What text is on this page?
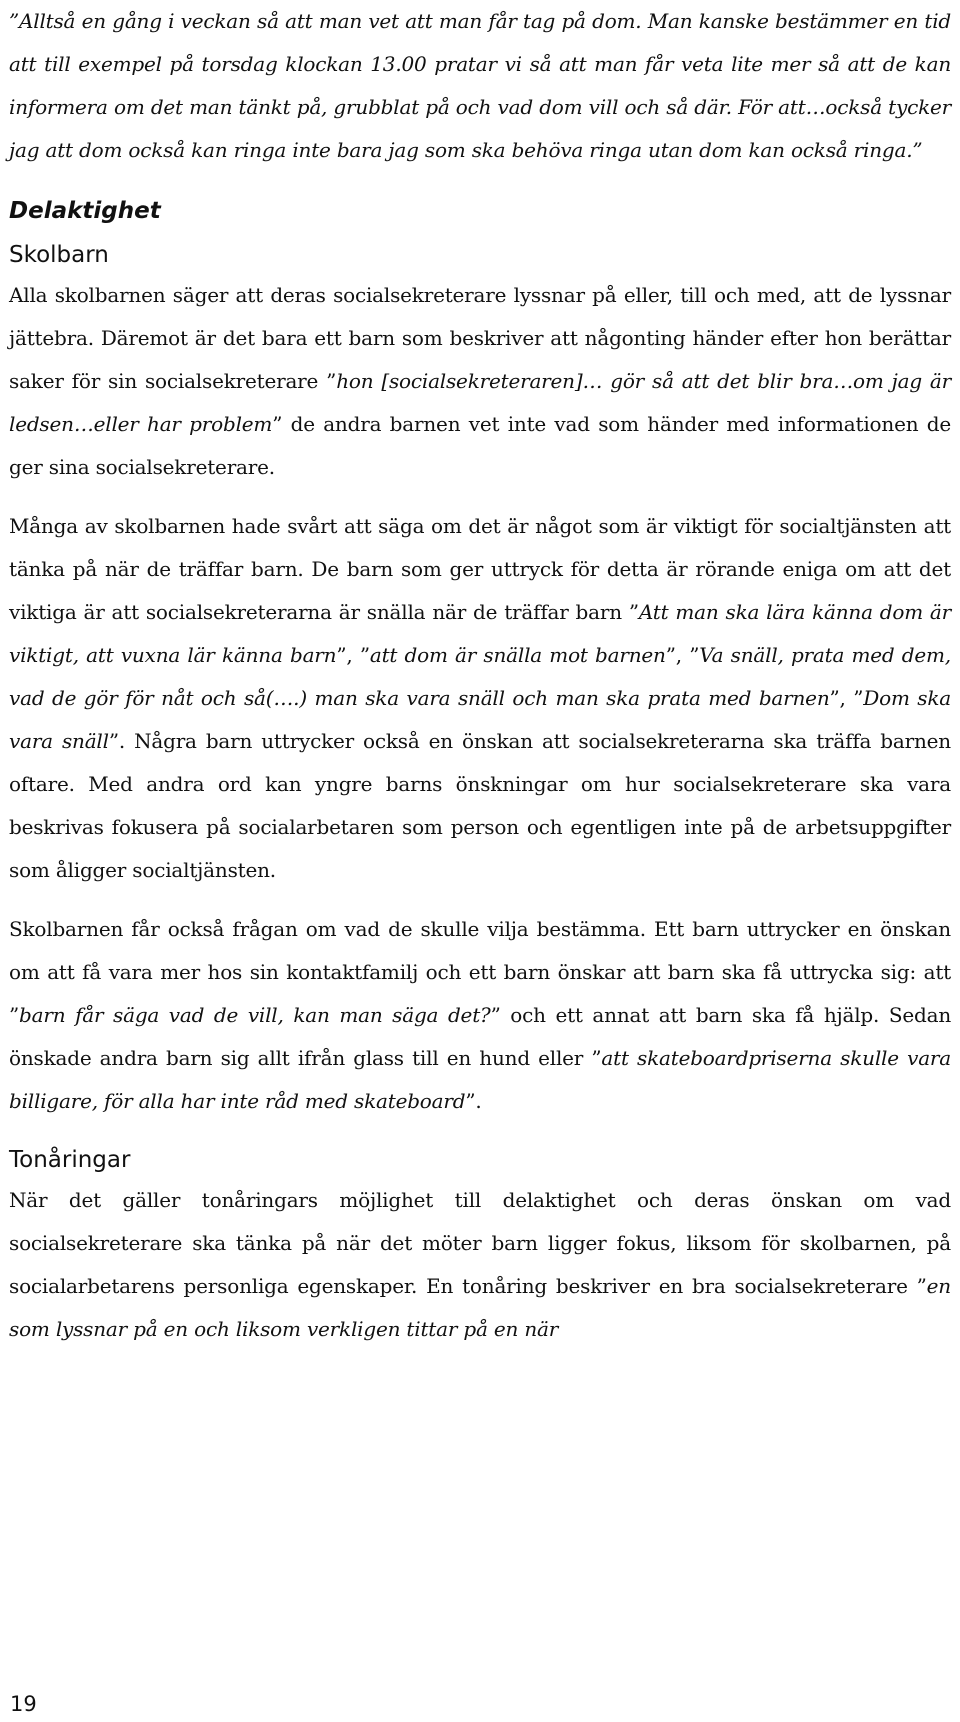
”Alltså en gång i veckan så att man vet att man får tag på dom. Man kanske bestämmer en tid att till exempel på torsdag klockan 13.00 pratar vi så att man får veta lite mer så att de kan informera om det man tänkt på, grubblat på och vad dom vill och så där. För att…också tycker jag att dom också kan ringa inte bara jag som ska behöva ringa utan dom kan också ringa.”

Delaktighet
Skolbarn

Alla skolbarnen säger att deras socialsekreterare lyssnar på eller, till och med, att de lyssnar jättebra. Däremot är det bara ett barn som beskriver att någonting händer efter hon berättar saker för sin socialsekreterare ”hon [socialsekreteraren]… gör så att det blir bra…om jag är ledsen…eller har problem” de andra barnen vet inte vad som händer med informationen de ger sina socialsekreterare.

Många av skolbarnen hade svårt att säga om det är något som är viktigt för socialtjänsten att tänka på när de träffar barn. De barn som ger uttryck för detta är rörande eniga om att det viktiga är att socialsekreterarna är snälla när de träffar barn ”Att man ska lära känna dom är viktigt, att vuxna lär känna barn”, ”att dom är snälla mot barnen”, ”Va snäll, prata med dem, vad de gör för nåt och så(….) man ska vara snäll och man ska prata med barnen”, ”Dom ska vara snäll”. Några barn uttrycker också en önskan att socialsekreterarna ska träffa barnen oftare. Med andra ord kan yngre barns önskningar om hur socialsekreterare ska vara beskrivas fokusera på socialarbetaren som person och egentligen inte på de arbetsuppgifter som åligger socialtjänsten.

Skolbarnen får också frågan om vad de skulle vilja bestämma. Ett barn uttrycker en önskan om att få vara mer hos sin kontaktfamilj och ett barn önskar att barn ska få uttrycka sig: att ”barn får säga vad de vill, kan man säga det?” och ett annat att barn ska få hjälp. Sedan önskade andra barn sig allt ifrån glass till en hund eller ”att skateboardpriserna skulle vara billigare, för alla har inte råd med skateboard”.

Tonåringar

När det gäller tonåringars möjlighet till delaktighet och deras önskan om vad socialsekreterare ska tänka på när det möter barn ligger fokus, liksom för skolbarnen, på socialarbetarens personliga egenskaper. En tonåring beskriver en bra socialsekreterare ”en som lyssnar på en och liksom verkligen tittar på en när

19
